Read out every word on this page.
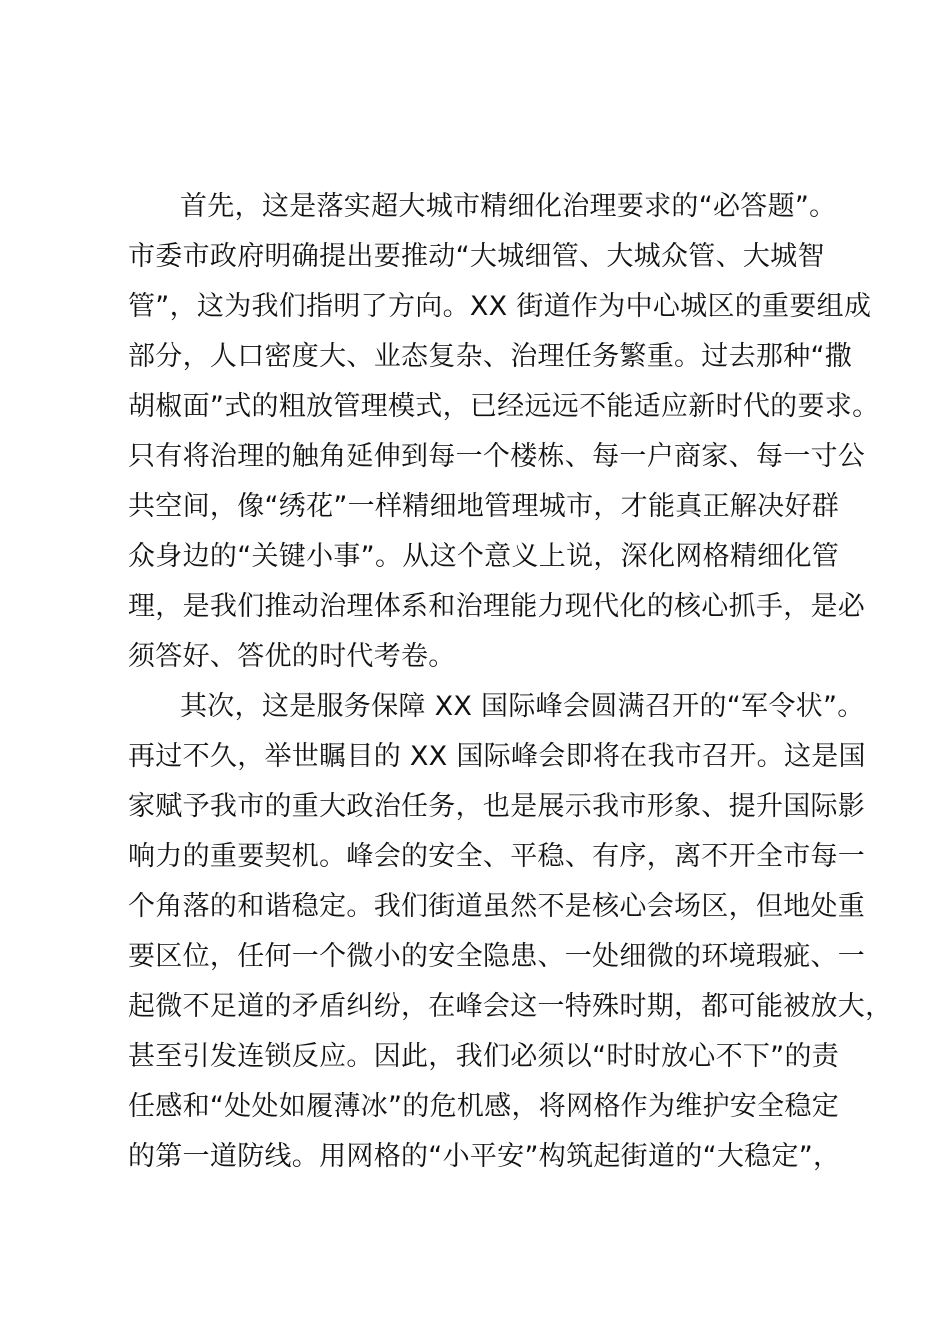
首先，这是落实超大城市精细化治理要求的“必答题”。
市委市政府明确提出要推动“大城细管、大城众管、大城智
管”，这为我们指明了方向。XX 街道作为中心城区的重要组成
部分，人口密度大、业态复杂、治理任务繁重。过去那种“撒
胡椒面”式的粗放管理模式，已经远远不能适应新时代的要求。
只有将治理的触角延伸到每一个楼栋、每一户商家、每一寸公
共空间，像“绣花”一样精细地管理城市，才能真正解决好群
众身边的“关键小事”。从这个意义上说，深化网格精细化管
理，是我们推动治理体系和治理能力现代化的核心抓手，是必
须答好、答优的时代考卷。
其次，这是服务保障 XX 国际峰会圆满召开的“军令状”。
再过不久，举世瞩目的 XX 国际峰会即将在我市召开。这是国
家赋予我市的重大政治任务，也是展示我市形象、提升国际影
响力的重要契机。峰会的安全、平稳、有序，离不开全市每一
个角落的和谐稳定。我们街道虽然不是核心会场区，但地处重
要区位，任何一个微小的安全隐患、一处细微的环境瑕疵、一
起微不足道的矛盾纠纷，在峰会这一特殊时期，都可能被放大，
甚至引发连锁反应。因此，我们必须以“时时放心不下”的责
任感和“处处如履薄冰”的危机感，将网格作为维护安全稳定
的第一道防线。用网格的“小平安”构筑起街道的“大稳定”，
